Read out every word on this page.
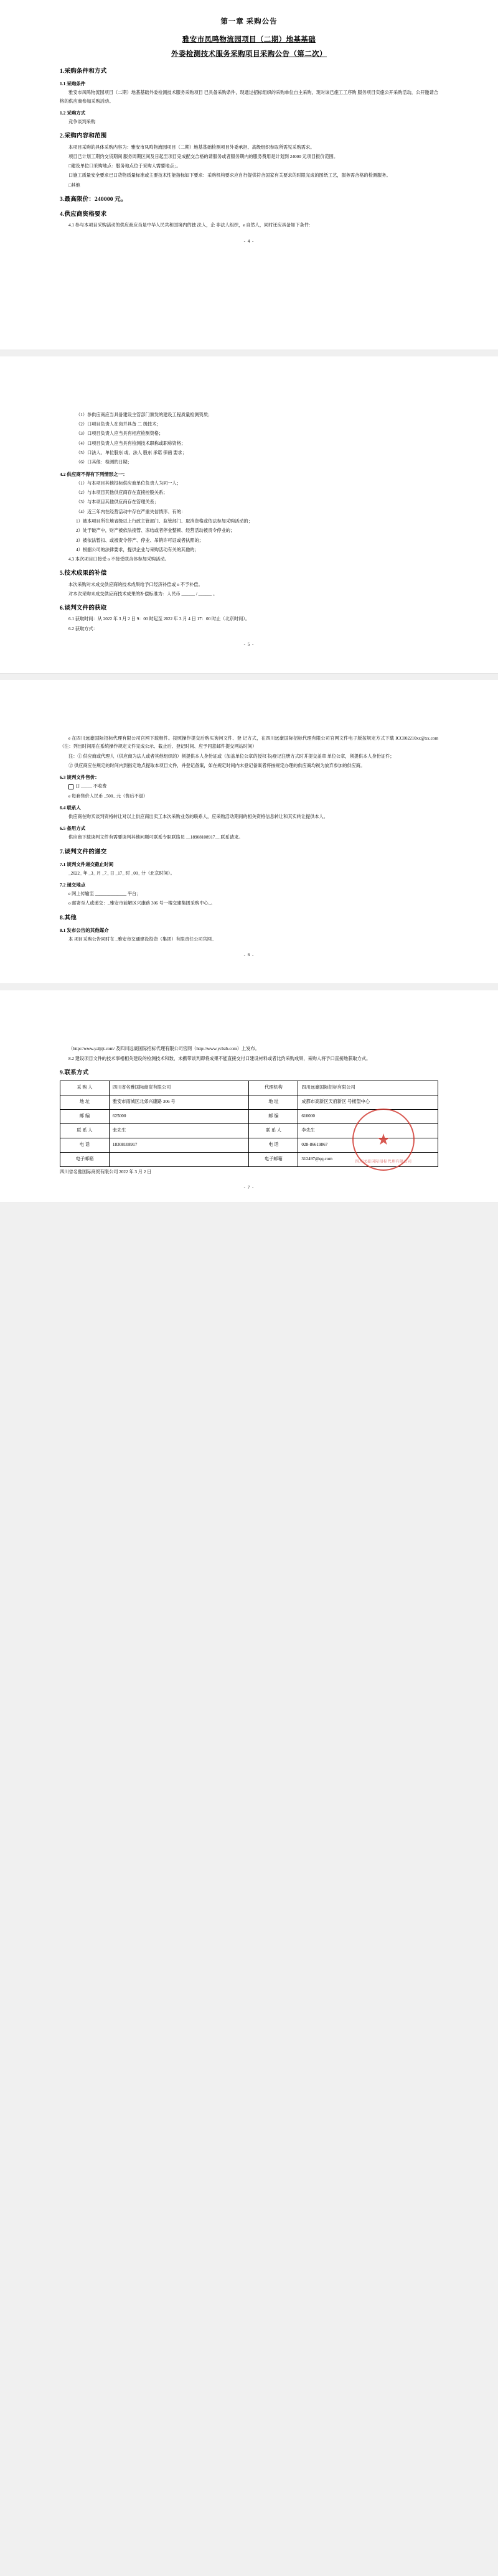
第一章 采购公告
雅安市凤鸣物流园项目（二期）地基基础
外委检测技术服务采购项目采购公告（第二次）
1.采购条件和方式
1.1 采购条件

雅安市凤鸣物流园项目（二期）地基基础外委检测技术服务采购项目 已具备采购条件，现通过招标组织的采购单位自主采购，现对该已施工工序购 服务项目实施公开采购活动，公开邀请合格的供应商参加采购活动。

1.2 采购方式

竞争谈判采购

2.采购内容和范围

本项目采购的具体采购内容为：雅安市凤鸣物流园项目（二期）地基基础检测项目外委承担、高级组织参取所需见采购需求。

项目已计划工期约交货期间 服务周期区间及日起至项目完成配交合格的请服务或者服务期内的服务费用是计划到 24000 元项目报价范围。

□建设单位口采购地点：服务地点位于采购人需要地点；。

口施工质量安全要求已口货物质量标准或主要技术性能指标如下要求：采购机构要求应自行提供符合国家有关要求的时限完成的图纸工艺，服务需合格的检测服务。

□其他

3.最高限价：240000 元。
4.供应商资格要求

4.1 参与本项目采购活动的供应商应当是中华人民共和国境内的独 法人，企 非法人组织，e 自然人，同时还应具备如下条件：

- 4 -

（1）参供应商应当具备建设主管部门颁发的建设工程质量检测资质；

（2）口项目负责人在岗并具备 二 级技术；

（3）口项目负责人应当具有相应检测资格；

（4）口项目负责人应当具有检测技术职称或职称资格；

（5）口法人、单位股东 或、法人 股东 承诺 保函 要求；

（6）口其他：检测的日期；

4.2 供应商不得有下列情形之一：

（1）与本项目其他投标供应商单位负责人为同一人；

（2）与本项目其他供应商存在直接控股关系；

（3）与本项目其他供应商存在管理关系；

（4）近三年内在经营活动中存在严重失信情形、有的：

1）被本项目所在地省级以上行政主管部门、监管部门、取消资格或依法参加采购活动的；

2）处于破产中，财产被依法接管、冻结或者停业整顿、经营活动被责令停业的；

3）被依法暂扣、或被责令停产、停业、吊销许可证或者执照的；

4）根据公司的法律要求，提供企业与采购活动有关的其他的；

4.3 本次项目口接受 o 不接受联合体参加采购活动。

5.技术成果的补偿

本次采购对未成交供应商的技术成果给予口经济补偿或 o 不予补偿。

对本次采购未成交供应商技术成果的补偿标准为：人民币 ______ / ______ 。

6.谈判文件的获取

6.1 获取时间：从 2022 年 3 月 2 日 9：00 时起至 2022 年 3 月 4 日 17：00 时止（北京时间）。

6.2 获取方式：

- 5 -

e 在四川远豪国际招标代理有限公司官网下载相件。按照操作提交后购买询问文件、登 记方式，在四川远豪国际招标代理有限公司官网文件电子版按规定方式下载 ICC002210xx@xx.com（注：列出时间需在系统操作规定文件完成公示、截止后、登记时间、应予同意邮件提交网站时间）

注：① 供应商或代理人（供应商为法人或者其他组织的）须提供本人身份证或（加盖单位公章的授权书)登记注册方式时并提交盖章 单位公章，须提供本人身份证件；

② 供应商应在规定的时间内到指定地点提取本项目文件，并登记备案，如在规定时间内未登记备案者将按规定办理的供应商均视为放弃参加的供应商。

6.3 谈判文件售价：

口 _____ 不收费

e 每套售价人民币 _500_ 元（售后不退）

6.4 联系人

供应商在购买谈判资格转让对以上供应商出卖工本次采购业务的联系人，应采购活动期间的相关资格信息转让和其实转让提供本人。

6.5 备用方式

供应商下载谈判文件有需要谈判其他问题可联系专职联络员 __18908108917__ 联系请求。

7.谈判文件的递交
7.1 谈判文件递交截止时间

_2022_ 年 _3_ 月 _7_ 日 _17_ 时 _00_ 分（北京时间）。

7.2 递交地点

e 网上传输至 ______________ 平台；

o 邮寄至人或递交：_雅安市前解区兴康路 306 号一楼交建集团采购中心_。

8.其他
8.1 发布公告的其他媒介

本 项目采购公告同时在 _雅安市交通建设投资（集团）有限责任公司官网_

- 6 -

（http://www.yaljtjt.com/ 及四川远豪国际招标代理有限公司官网（http://www.ycbzb.com）上发布。

8.2 建设项目文件的技术事相相关建设的检测技术和数、未携带谈判即将成果不能直接交付口建设材料或者比约采购成果，采购人将予口直接地获取方式。

9.联系方式
采 购 人	四川省名雅国际商贸有限公司	代理机构	四川远豪国际招标有限公司
地 址	雅安市雨城区北郊兴康路 306 号	地 址	成都市高新区天府新区 号楼望中心
邮 编	625000	邮 编	610000
联 系 人	张先生	联 系 人	李先生
电 话	18308108917	电 话	028-86619867
电子邮箱		电子邮箱	312497@qq.com
四川远豪国际招标代理有限公司

四川省名雅国际商贸有限公司 2022 年 3 月 2 日

- 7 -
